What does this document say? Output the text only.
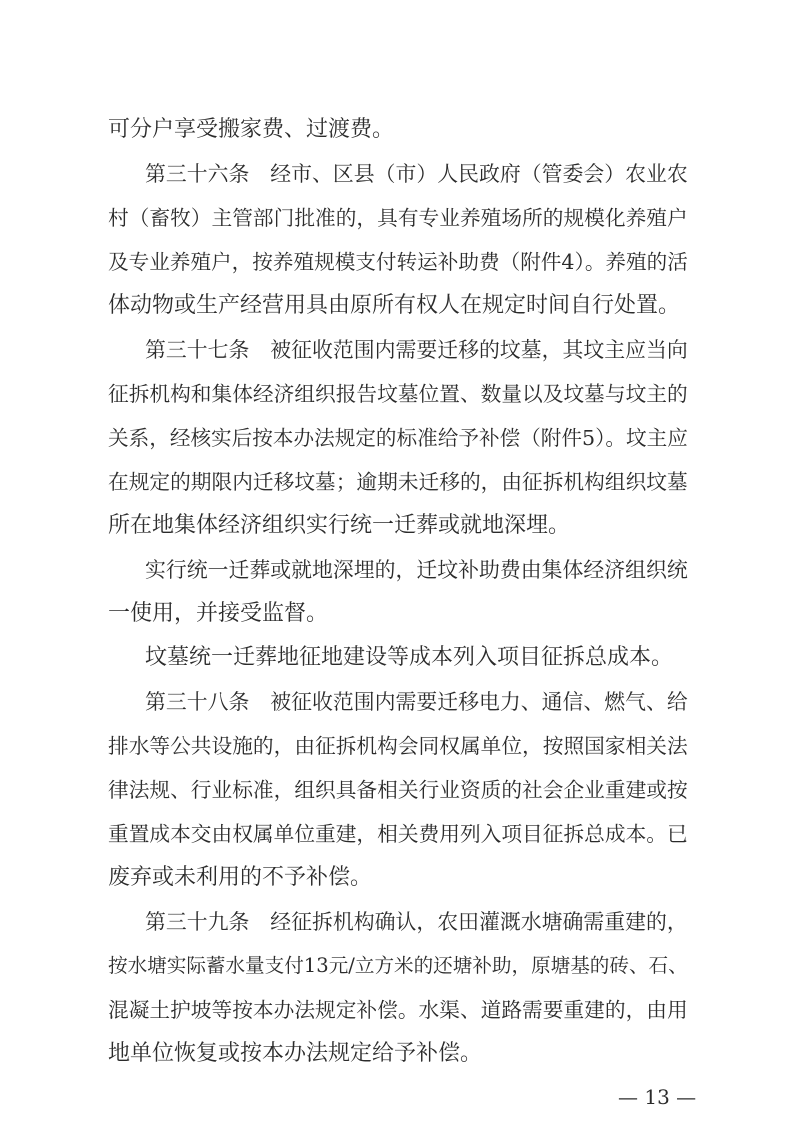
可分户享受搬家费、过渡费。
第三十六条　经市、区县（市）人民政府（管委会）农业农
村（畜牧）主管部门批准的，具有专业养殖场所的规模化养殖户
及专业养殖户，按养殖规模支付转运补助费（附件4）。养殖的活
体动物或生产经营用具由原所有权人在规定时间自行处置。
第三十七条　被征收范围内需要迁移的坟墓，其坟主应当向
征拆机构和集体经济组织报告坟墓位置、数量以及坟墓与坟主的
关系，经核实后按本办法规定的标准给予补偿（附件5）。坟主应
在规定的期限内迁移坟墓；逾期未迁移的，由征拆机构组织坟墓
所在地集体经济组织实行统一迁葬或就地深埋。
实行统一迁葬或就地深埋的，迁坟补助费由集体经济组织统
一使用，并接受监督。
坟墓统一迁葬地征地建设等成本列入项目征拆总成本。
第三十八条　被征收范围内需要迁移电力、通信、燃气、给
排水等公共设施的，由征拆机构会同权属单位，按照国家相关法
律法规、行业标准，组织具备相关行业资质的社会企业重建或按
重置成本交由权属单位重建，相关费用列入项目征拆总成本。已
废弃或未利用的不予补偿。
第三十九条　经征拆机构确认，农田灌溉水塘确需重建的，
按水塘实际蓄水量支付13元/立方米的还塘补助，原塘基的砖、石、
混凝土护坡等按本办法规定补偿。水渠、道路需要重建的，由用
地单位恢复或按本办法规定给予补偿。
— 13 —
